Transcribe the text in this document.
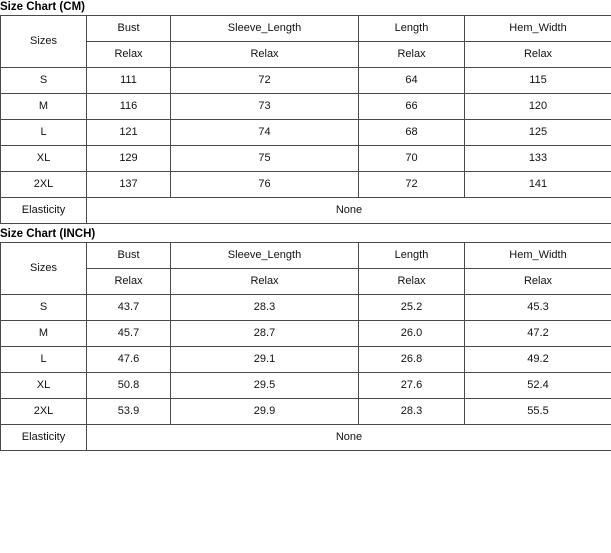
Size Chart (CM)
Sizes	Bust	Sleeve_Length	Length	Hem_Width
	Relax	Relax	Relax	Relax
S	111	72	64	115
M	116	73	66	120
L	121	74	68	125
XL	129	75	70	133
2XL	137	76	72	141
Elasticity	None			
Size Chart (INCH)
Sizes	Bust	Sleeve_Length	Length	Hem_Width
	Relax	Relax	Relax	Relax
S	43.7	28.3	25.2	45.3
M	45.7	28.7	26.0	47.2
L	47.6	29.1	26.8	49.2
XL	50.8	29.5	27.6	52.4
2XL	53.9	29.9	28.3	55.5
Elasticity	None			
